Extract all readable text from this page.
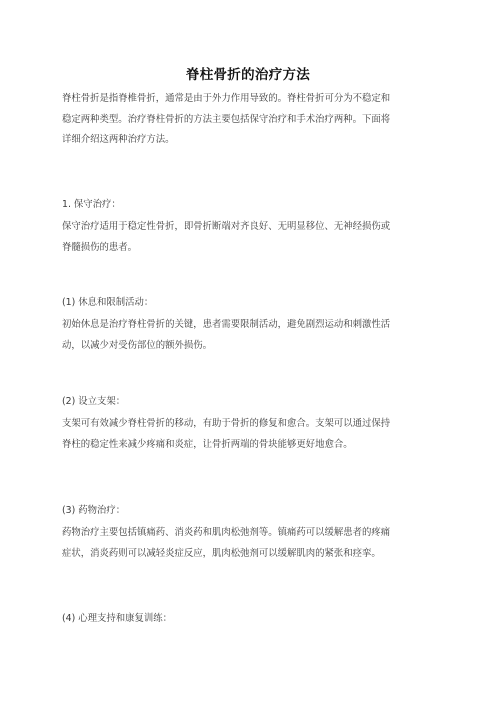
脊柱骨折的治疗方法
脊柱骨折是指脊椎骨折，通常是由于外力作用导致的。脊柱骨折可分为不稳定和
稳定两种类型。治疗脊柱骨折的方法主要包括保守治疗和手术治疗两种。下面将
详细介绍这两种治疗方法。
1. 保守治疗：
保守治疗适用于稳定性骨折，即骨折断端对齐良好、无明显移位、无神经损伤或
脊髓损伤的患者。
(1) 休息和限制活动：
初始休息是治疗脊柱骨折的关键，患者需要限制活动，避免剧烈运动和刺激性活
动，以减少对受伤部位的额外损伤。
(2) 设立支架：
支架可有效减少脊柱骨折的移动，有助于骨折的修复和愈合。支架可以通过保持
脊柱的稳定性来减少疼痛和炎症，让骨折两端的骨块能够更好地愈合。
(3) 药物治疗：
药物治疗主要包括镇痛药、消炎药和肌肉松弛剂等。镇痛药可以缓解患者的疼痛
症状，消炎药则可以减轻炎症反应，肌肉松弛剂可以缓解肌肉的紧张和痉挛。
(4) 心理支持和康复训练：
